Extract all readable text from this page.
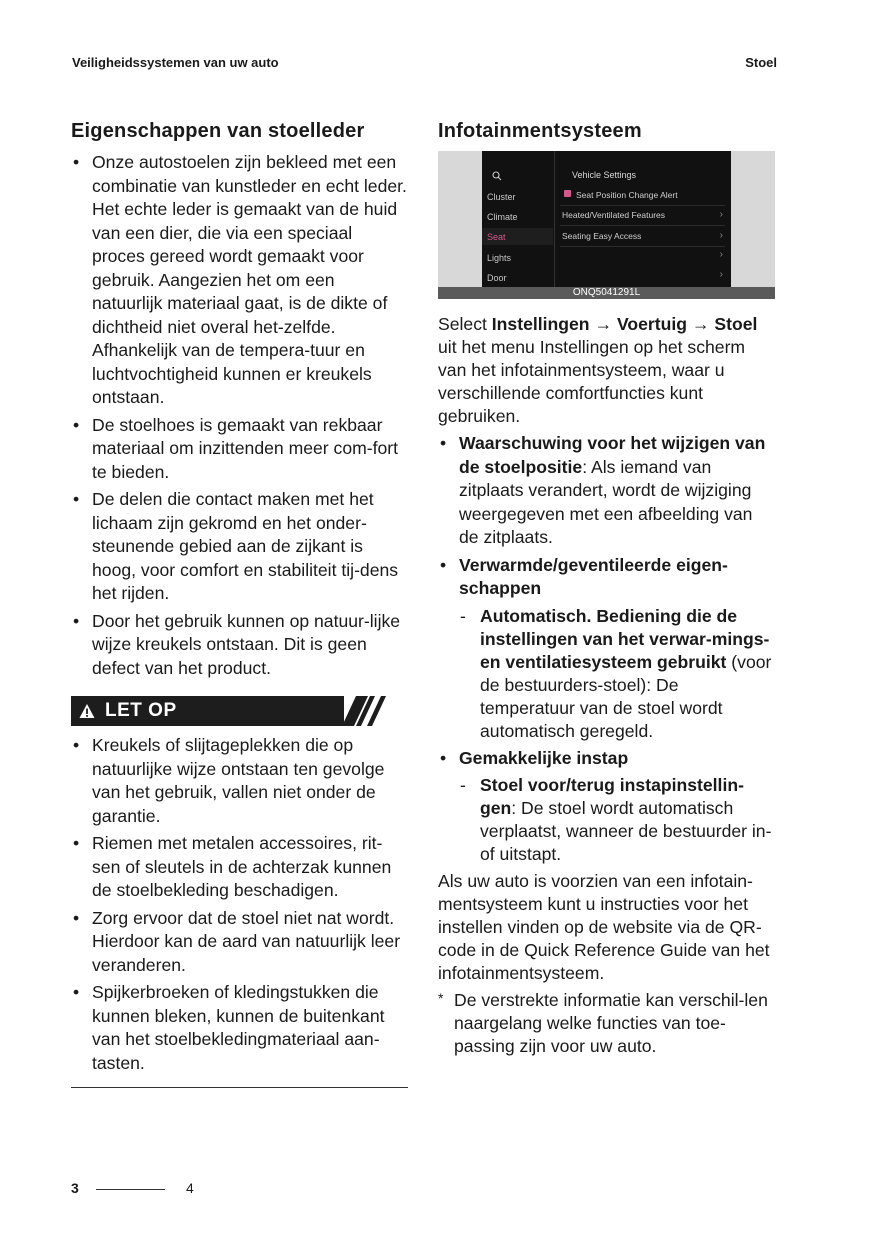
Veiligheidssystemen van uw auto	Stoel
Eigenschappen van stoelleder
• Onze autostoelen zijn bekleed met een combinatie van kunstleder en echt leder. Het echte leder is gemaakt van de huid van een dier, die via een speciaal proces gereed wordt gemaakt voor gebruik. Aangezien het om een natuurlijk materiaal gaat, is de dikte of dichtheid niet overal het-zelfde. Afhankelijk van de tempera-tuur en luchtvochtigheid kunnen er kreukels ontstaan.
• De stoelhoes is gemaakt van rekbaar materiaal om inzittenden meer com-fort te bieden.
• De delen die contact maken met het lichaam zijn gekromd en het onder-steunende gebied aan de zijkant is hoog, voor comfort en stabiliteit tij-dens het rijden.
• Door het gebruik kunnen op natuur-lijke wijze kreukels ontstaan. Dit is geen defect van het product.
LET OP
• Kreukels of slijtageplekken die op natuurlijke wijze ontstaan ten gevolge van het gebruik, vallen niet onder de garantie.
• Riemen met metalen accessoires, rit-sen of sleutels in de achterzak kunnen de stoelbekleding beschadigen.
• Zorg ervoor dat de stoel niet nat wordt. Hierdoor kan de aard van natuurlijk leer veranderen.
• Spijkerbroeken of kledingstukken die kunnen bleken, kunnen de buitenkant van het stoelbekledingmateriaal aan-tasten.
Infotainmentsysteem
Cluster
Climate
Seat
Lights
Door
Vehicle Settings
Seat Position Change Alert
Heated/Ventilated Features	›
Seating Easy Access	›
›
›
ONQ5041291L

Select Instellingen → Voertuig → Stoel uit het menu Instellingen op het scherm van het infotainmentsysteem, waar u verschillende comfortfuncties kunt gebruiken.

• Waarschuwing voor het wijzigen van de stoelpositie: Als iemand van zitplaats verandert, wordt de wijziging weergegeven met een afbeelding van de zitplaats.
• Verwarmde/geventileerde eigen-schappen
- Automatisch. Bediening die de instellingen van het verwar-mings- en ventilatiesysteem gebruikt (voor de bestuurders-stoel): De temperatuur van de stoel wordt automatisch geregeld.
• Gemakkelijke instap
- Stoel voor/terug instapinstellin-gen: De stoel wordt automatisch verplaatst, wanneer de bestuurder in- of uitstapt.

Als uw auto is voorzien van een infotain-mentsysteem kunt u instructies voor het instellen vinden op de website via de QR-code in de Quick Reference Guide van het infotainmentsysteem.

* De verstrekte informatie kan verschil-len naargelang welke functies van toe-passing zijn voor uw auto.
3	4
